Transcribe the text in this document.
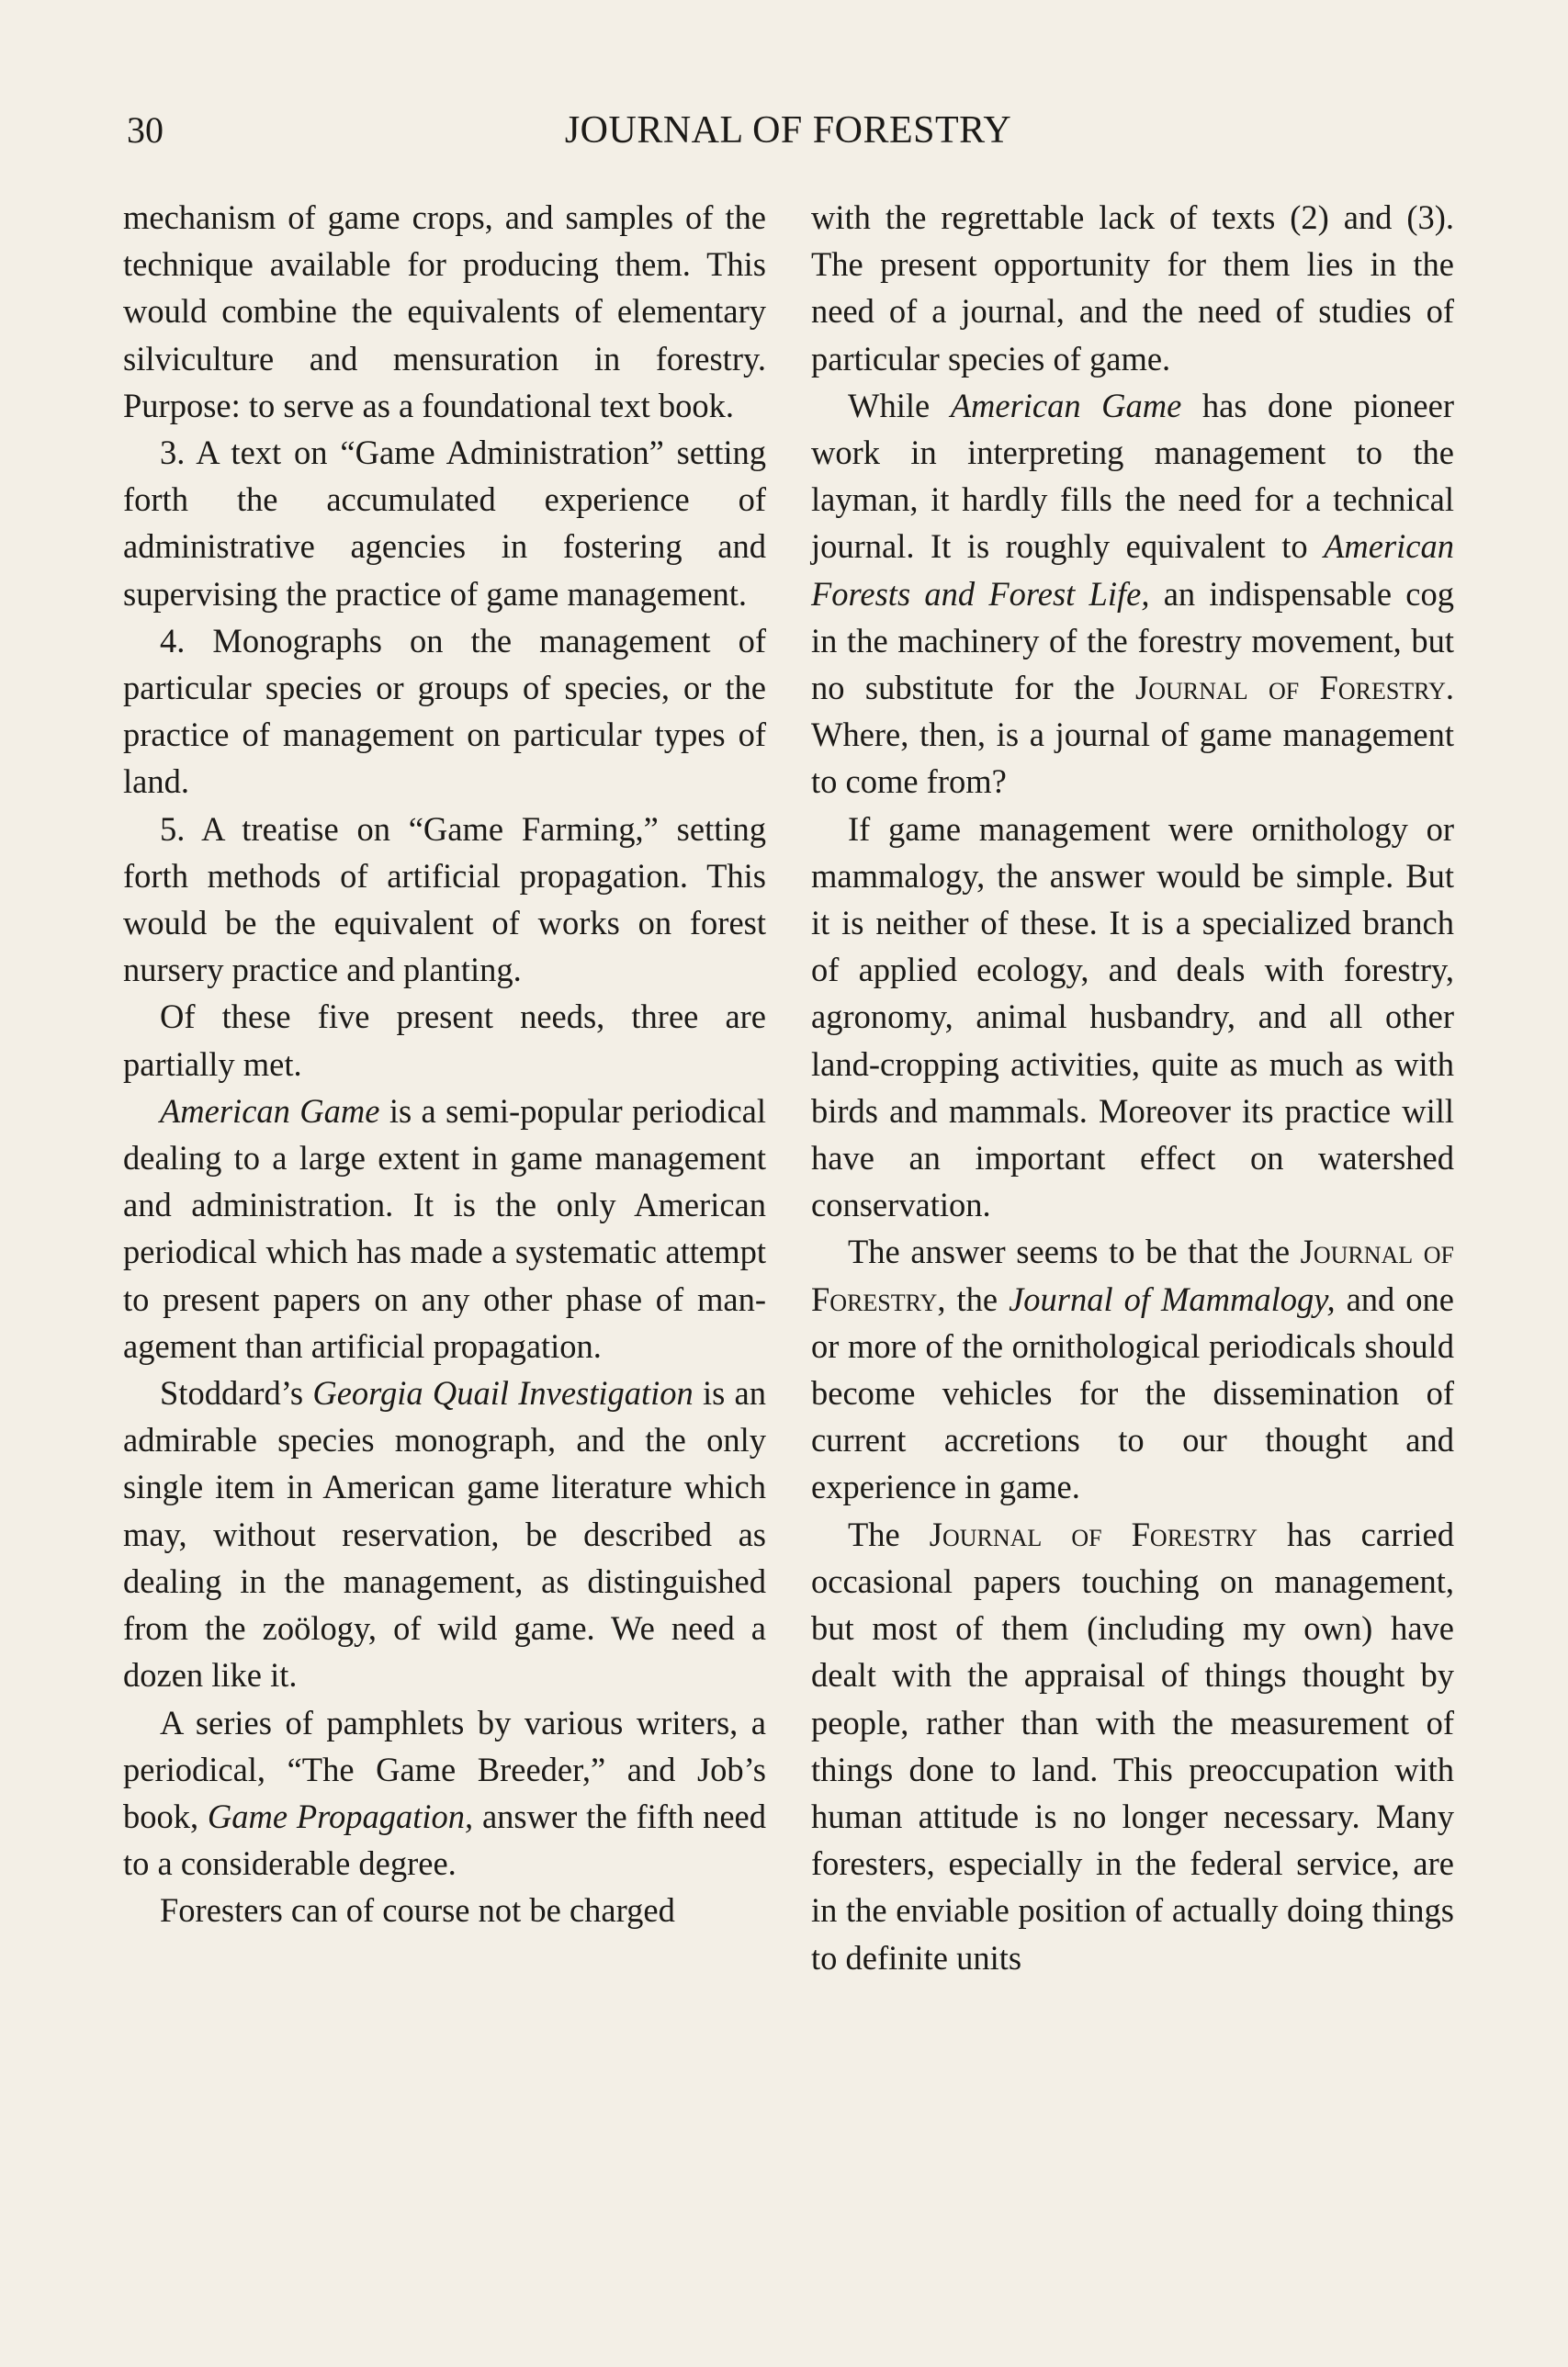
30	JOURNAL OF FORESTRY

mechanism of game crops, and samples of the technique available for producing them. This would combine the equivalents of elementary silviculture and mensuration in forestry. Purpose: to serve as a foundational text book.

3. A text on “Game Administration” setting forth the accumulated experience of administrative agencies in fostering and supervising the practice of game management.

4. Monographs on the management of particular species or groups of species, or the practice of management on particular types of land.

5. A treatise on “Game Farming,” setting forth methods of artificial propagation. This would be the equivalent of works on forest nursery practice and planting.

Of these five present needs, three are partially met.

American Game is a semi-popular periodical dealing to a large extent in game management and administration. It is the only American periodical which has made a systematic attempt to present papers on any other phase of management than artificial propagation.

Stoddard’s Georgia Quail Investigation is an admirable species monograph, and the only single item in American game literature which may, without reservation, be described as dealing in the management, as distinguished from the zoölogy, of wild game. We need a dozen like it.

A series of pamphlets by various writers, a periodical, “The Game Breeder,” and Job’s book, Game Propagation, answer the fifth need to a considerable degree.

Foresters can of course not be charged

with the regrettable lack of texts (2) and (3). The present opportunity for them lies in the need of a journal, and the need of studies of particular species of game.

While American Game has done pioneer work in interpreting management to the layman, it hardly fills the need for a technical journal. It is roughly equivalent to American Forests and Forest Life, an indispensable cog in the machinery of the forestry movement, but no substitute for the Journal of Forestry. Where, then, is a journal of game management to come from?

If game management were ornithology or mammalogy, the answer would be simple. But it is neither of these. It is a specialized branch of applied ecology, and deals with forestry, agronomy, animal husbandry, and all other land-cropping activities, quite as much as with birds and mammals. Moreover its practice will have an important effect on watershed conservation.

The answer seems to be that the Journal of Forestry, the Journal of Mammalogy, and one or more of the ornithological periodicals should become vehicles for the dissemination of current accretions to our thought and experience in game.

The Journal of Forestry has carried occasional papers touching on management, but most of them (including my own) have dealt with the appraisal of things thought by people, rather than with the measurement of things done to land. This preoccupation with human attitude is no longer necessary. Many foresters, especially in the federal service, are in the enviable position of actually doing things to definite units
